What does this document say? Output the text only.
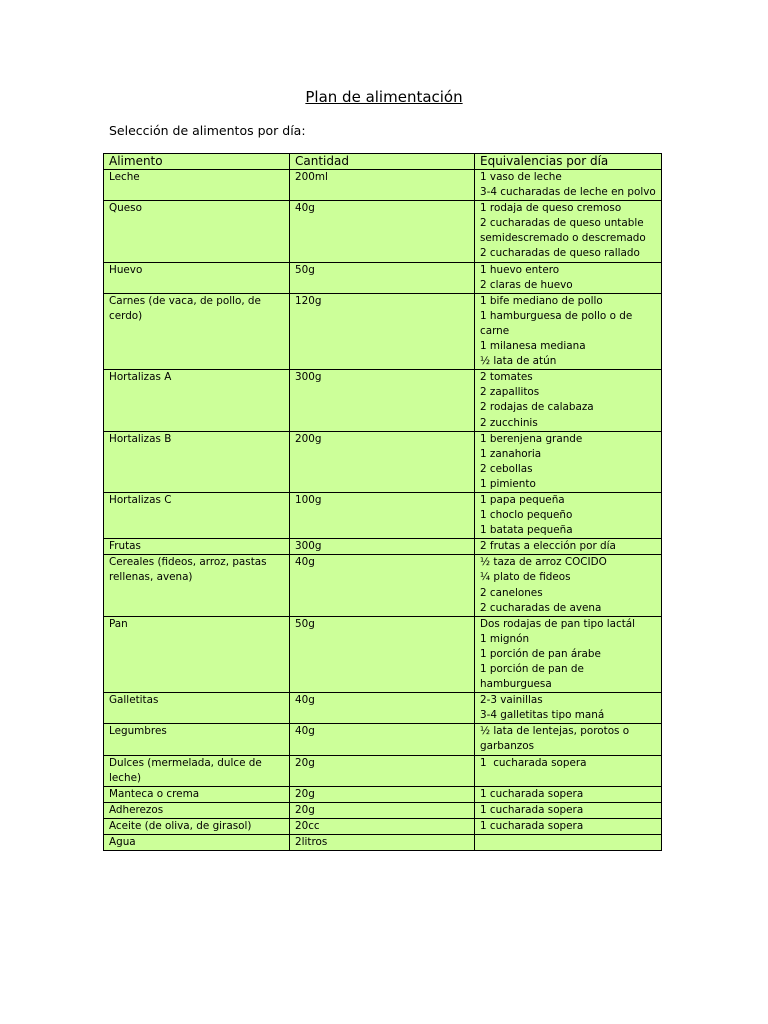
Plan de alimentación
Selección de alimentos por día:
Alimento	Cantidad	Equivalencias por día
Leche	200ml	1 vaso de leche
3-4 cucharadas de leche en polvo

Queso	40g	1 rodaja de queso cremoso
2 cucharadas de queso untable semidescremado o descremado
2 cucharadas de queso rallado

Huevo	50g	1 huevo entero
2 claras de huevo

Carnes (de vaca, de pollo, de cerdo)	120g	1 bife mediano de pollo
1 hamburguesa de pollo o de carne
1 milanesa mediana
½ lata de atún

Hortalizas A	300g	2 tomates
2 zapallitos
2 rodajas de calabaza
2 zucchinis

Hortalizas B	200g	1 berenjena grande
1 zanahoria
2 cebollas
1 pimiento

Hortalizas C	100g	1 papa pequeña
1 choclo pequeño
1 batata pequeña

Frutas	300g	2 frutas a elección por día

Cereales (fideos, arroz, pastas rellenas, avena)	40g	½ taza de arroz COCIDO
¼ plato de fideos
2 canelones
2 cucharadas de avena

Pan	50g	Dos rodajas de pan tipo lactál
1 mignón
1 porción de pan árabe
1 porción de pan de hamburguesa

Galletitas	40g	2-3 vainillas
3-4 galletitas tipo maná

Legumbres	40g	½ lata de lentejas, porotos o garbanzos

Dulces (mermelada, dulce de leche)	20g	1  cucharada sopera

Manteca o crema	20g	1 cucharada sopera

Adherezos	20g	1 cucharada sopera

Aceite (de oliva, de girasol)	20cc	1 cucharada sopera

Agua	2litros	
